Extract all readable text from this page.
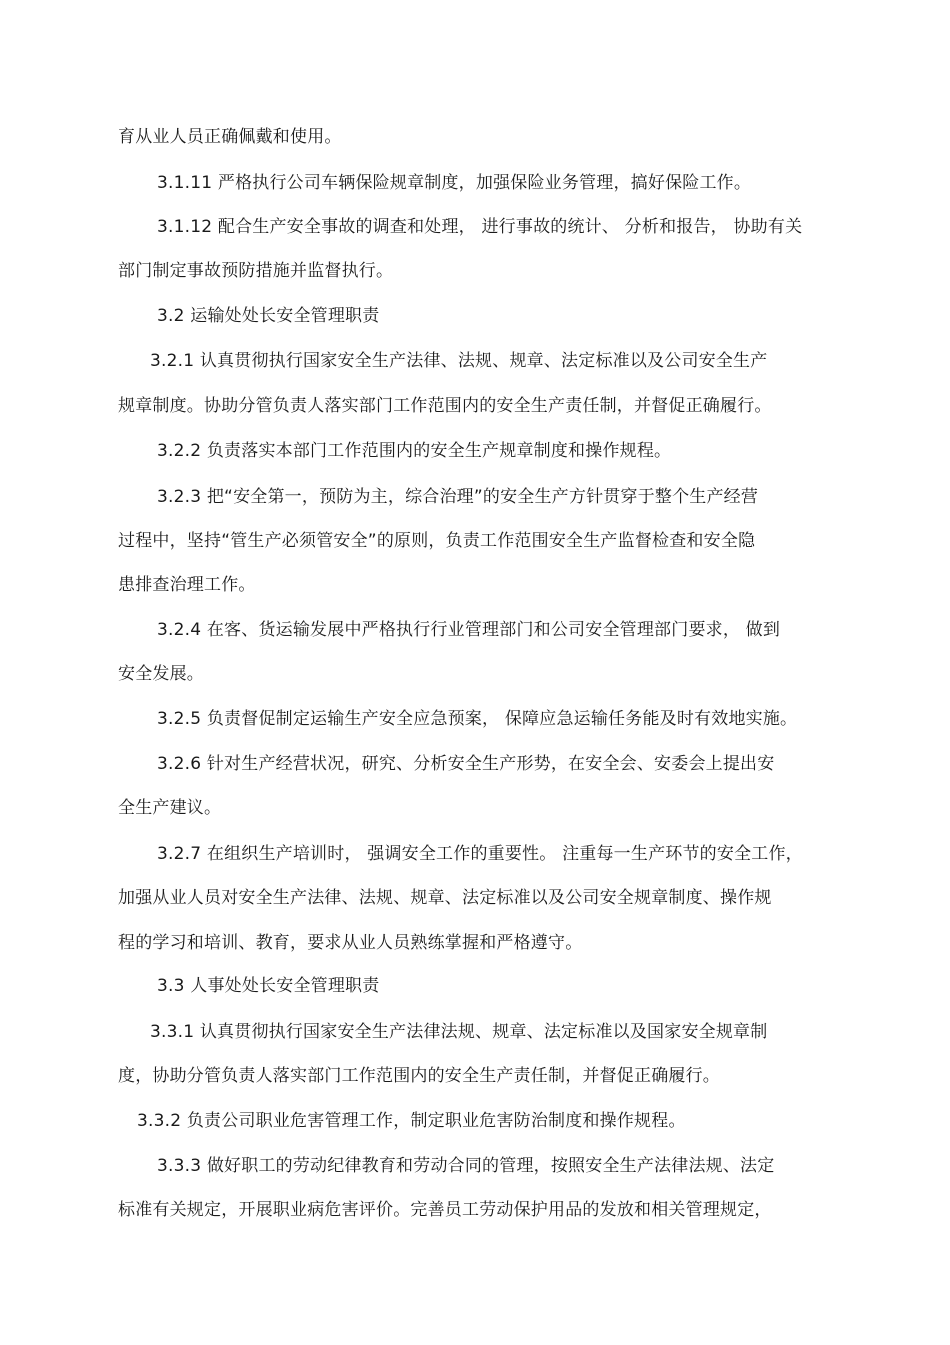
育从业人员正确佩戴和使用。
3.1.11 严格执行公司车辆保险规章制度，加强保险业务管理，搞好保险工作。
3.1.12 配合生产安全事故的调查和处理， 进行事故的统计、 分析和报告， 协助有关
部门制定事故预防措施并监督执行。
3.2 运输处处长安全管理职责
3.2.1 认真贯彻执行国家安全生产法律、法规、规章、法定标准以及公司安全生产
规章制度。协助分管负责人落实部门工作范围内的安全生产责任制，并督促正确履行。
3.2.2 负责落实本部门工作范围内的安全生产规章制度和操作规程。
3.2.3 把“安全第一，预防为主，综合治理”的安全生产方针贯穿于整个生产经营
过程中，坚持“管生产必须管安全”的原则，负责工作范围安全生产监督检查和安全隐
患排查治理工作。
3.2.4 在客、货运输发展中严格执行行业管理部门和公司安全管理部门要求， 做到
安全发展。
3.2.5 负责督促制定运输生产安全应急预案， 保障应急运输任务能及时有效地实施。
3.2.6 针对生产经营状况，研究、分析安全生产形势，在安全会、安委会上提出安
全生产建议。
3.2.7 在组织生产培训时， 强调安全工作的重要性。 注重每一生产环节的安全工作，
加强从业人员对安全生产法律、法规、规章、法定标准以及公司安全规章制度、操作规
程的学习和培训、教育，要求从业人员熟练掌握和严格遵守。
3.3 人事处处长安全管理职责
3.3.1 认真贯彻执行国家安全生产法律法规、规章、法定标准以及国家安全规章制
度，协助分管负责人落实部门工作范围内的安全生产责任制，并督促正确履行。
3.3.2 负责公司职业危害管理工作，制定职业危害防治制度和操作规程。
3.3.3 做好职工的劳动纪律教育和劳动合同的管理，按照安全生产法律法规、法定
标准有关规定，开展职业病危害评价。完善员工劳动保护用品的发放和相关管理规定，
